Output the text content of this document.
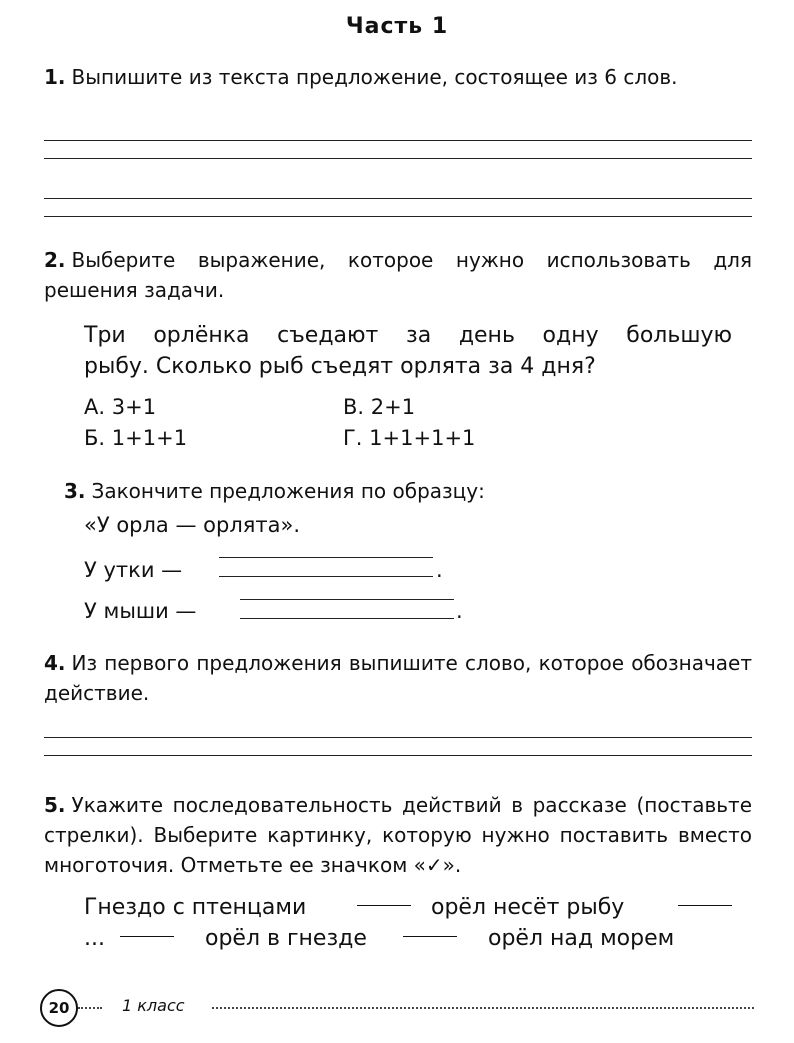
Часть 1
1. Выпишите из текста предложение, состоящее из 6 слов.
2. Выберите выражение, которое нужно использовать для решения задачи.
Три орлёнка съедают за день одну большую
рыбу. Сколько рыб съедят орлята за 4 дня?
А. 3+1	В. 2+1
Б. 1+1+1	Г. 1+1+1+1
3. Закончите предложения по образцу:
«У орла — орлята».
У утки —	.
У мыши —	.
4. Из первого предложения выпишите слово, которое обозначает действие.
5. Укажите последовательность действий в рассказе (поставьте стрелки). Выберите картинку, которую нужно поставить вместо многоточия. Отметьте ее значком «✓».
Гнездо с птенцами	орёл несёт рыбу
...	орёл в гнезде	орёл над морем
20	1 класс
